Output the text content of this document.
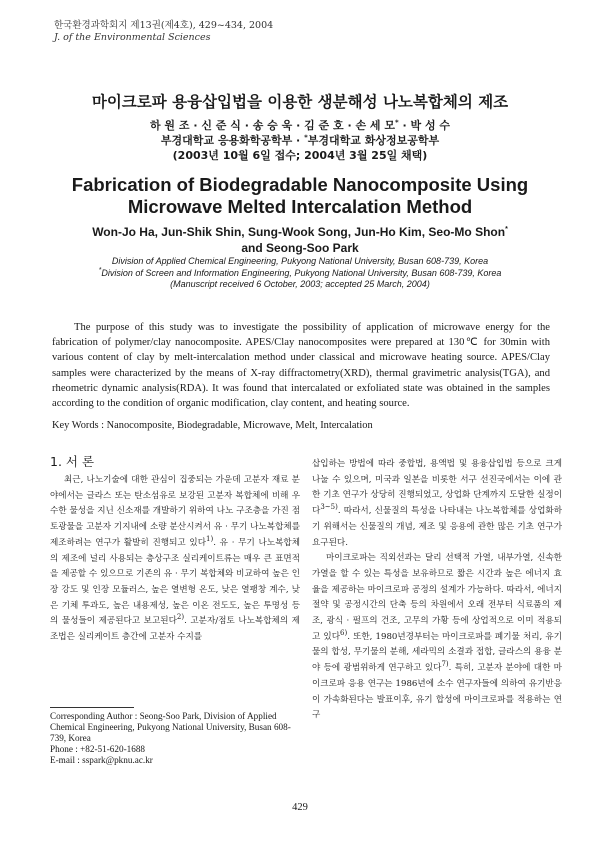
한국환경과학회지 제13권(제4호), 429~434, 2004
J. of the Environmental Sciences
마이크로파 용융삽입법을 이용한 생분해성 나노복합체의 제조
하 원 조 · 신 준 식 · 송 승 욱 · 김 준 호 · 손 세 모* · 박 성 수
부경대학교 응용화학공학부 · *부경대학교 화상정보공학부
(2003년 10월 6일 접수; 2004년 3월 25일 채택)
Fabrication of Biodegradable Nanocomposite Using
Microwave Melted Intercalation Method
Won-Jo Ha, Jun-Shik Shin, Sung-Wook Song, Jun-Ho Kim, Seo-Mo Shon*
and Seong-Soo Park
Division of Applied Chemical Engineering, Pukyong National University, Busan 608-739, Korea
*Division of Screen and Information Engineering, Pukyong National University, Busan 608-739, Korea
(Manuscript received 6 October, 2003; accepted 25 March, 2004)

The purpose of this study was to investigate the possibility of application of microwave energy for the fabrication of polymer/clay nanocomposite. APES/Clay nanocomposites were prepared at 130℃ for 30min with various content of clay by melt-intercalation method under classical and microwave heating source. APES/Clay samples were characterized by the means of X-ray diffractometry(XRD), thermal gravimetric analysis(TGA), and rheometric dynamic analysis(RDA). It was found that intercalated or exfoliated state was obtained in the samples according to the condition of organic modification, clay content, and heating source.

Key Words : Nanocomposite, Biodegradable, Microwave, Melt, Intercalation
1. 서 론

최근, 나노기술에 대한 관심이 집중되는 가운데 고분자 재료 분야에서는 글라스 또는 탄소섬유로 보강된 고분자 복합체에 비해 우수한 물성을 지닌 신소재를 개발하기 위하여 나노 구조층을 가진 점토광물을 고분자 기지내에 소량 분산시켜서 유 · 무기 나노복합체를 제조하려는 연구가 활발히 진행되고 있다$^{1)}$. 유 · 무기 나노복합체의 제조에 널리 사용되는 층상구조 실리케이트류는 매우 큰 표면적을 제공할 수 있으므로 기존의 유 · 무기 복합체와 비교하여 높은 인장 강도 및 인장 모듈러스, 높은 열변형 온도, 낮은 열팽창 계수, 낮은 기체 투과도, 높은 내용제성, 높은 이온 전도도, 높은 투명성 등의 물성들이 제공된다고 보고된다$^{2)}$. 고분자/점토 나노복합체의 제조법은 실리케이트 층간에 고분자 수지를

삽입하는 방법에 따라 중합법, 용액법 및 용융삽입법 등으로 크게 나눌 수 있으며, 미국과 일본을 비롯한 서구 선진국에서는 이에 관한 기초 연구가 상당히 진행되었고, 상업화 단계까지 도달한 실정이다$^{3\sim 5)}$. 따라서, 신물질의 특성을 나타내는 나노복합체를 상업화하기 위해서는 신물질의 개념, 제조 및 응용에 관한 많은 기초 연구가 요구된다.

마이크로파는 직외선과는 달리 선택적 가열, 내부가열, 신속한 가열을 할 수 있는 특성을 보유하므로 짧은 시간과 높은 에너지 효율을 제공하는 마이크로파 공정의 설계가 가능하다. 따라서, 에너지 절약 및 공정시간의 단축 등의 차원에서 오래 전부터 식료품의 제조, 광식 · 펄프의 건조, 고무의 가황 등에 상업적으로 이미 적용되고 있다$^{6)}$. 또한, 1980년경부터는 마이크로파를 폐기물 처리, 유기물의 합성, 무기물의 분해, 세라믹의 소결과 접합, 글라스의 용융 분야 등에 광범위하게 연구하고 있다$^{7)}$. 특히, 고분자 분야에 대한 마이크로파 응용 연구는 1986년에 소수 연구자들에 의하여 유기반응이 가속화된다는 발표이후, 유기 합성에 마이크로파를 적용하는 연구

Corresponding Author : Seong-Soo Park, Division of Applied Chemical Engineering, Pukyong National University, Busan 608-739, Korea
Phone : +82-51-620-1688
E-mail : sspark@pknu.ac.kr
429
